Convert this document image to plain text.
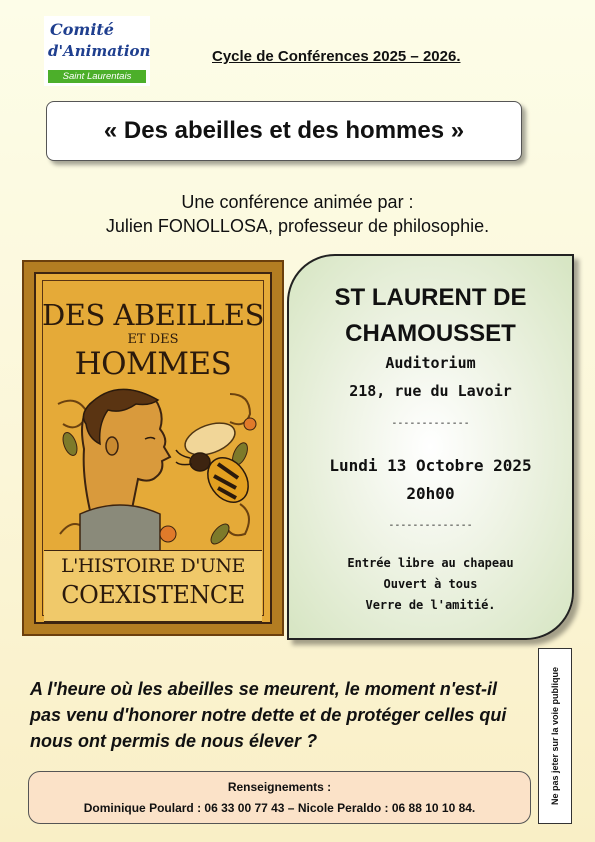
Comité
d'Animation
Saint Laurentais
Cycle de Conférences 2025 – 2026.
« Des abeilles et des hommes »
Une conférence animée par :
Julien FONOLLOSA, professeur de philosophie.
DES ABEILLES
ET DES
HOMMES
L'HISTOIRE D'UNE
COEXISTENCE
ST LAURENT DE
CHAMOUSSET
Auditorium
218, rue du Lavoir
-------------
Lundi 13 Octobre 2025
20h00
--------------
Entrée libre au chapeau
Ouvert à tous
Verre de l'amitié.
A l'heure où les abeilles se meurent, le moment n'est-il pas venu d'honorer notre dette et de protéger celles qui nous ont permis de nous élever ?	Ne pas jeter sur la voie publique
Renseignements :
Dominique Poulard : 06 33 00 77 43 – Nicole Peraldo : 06 88 10 10 84.
